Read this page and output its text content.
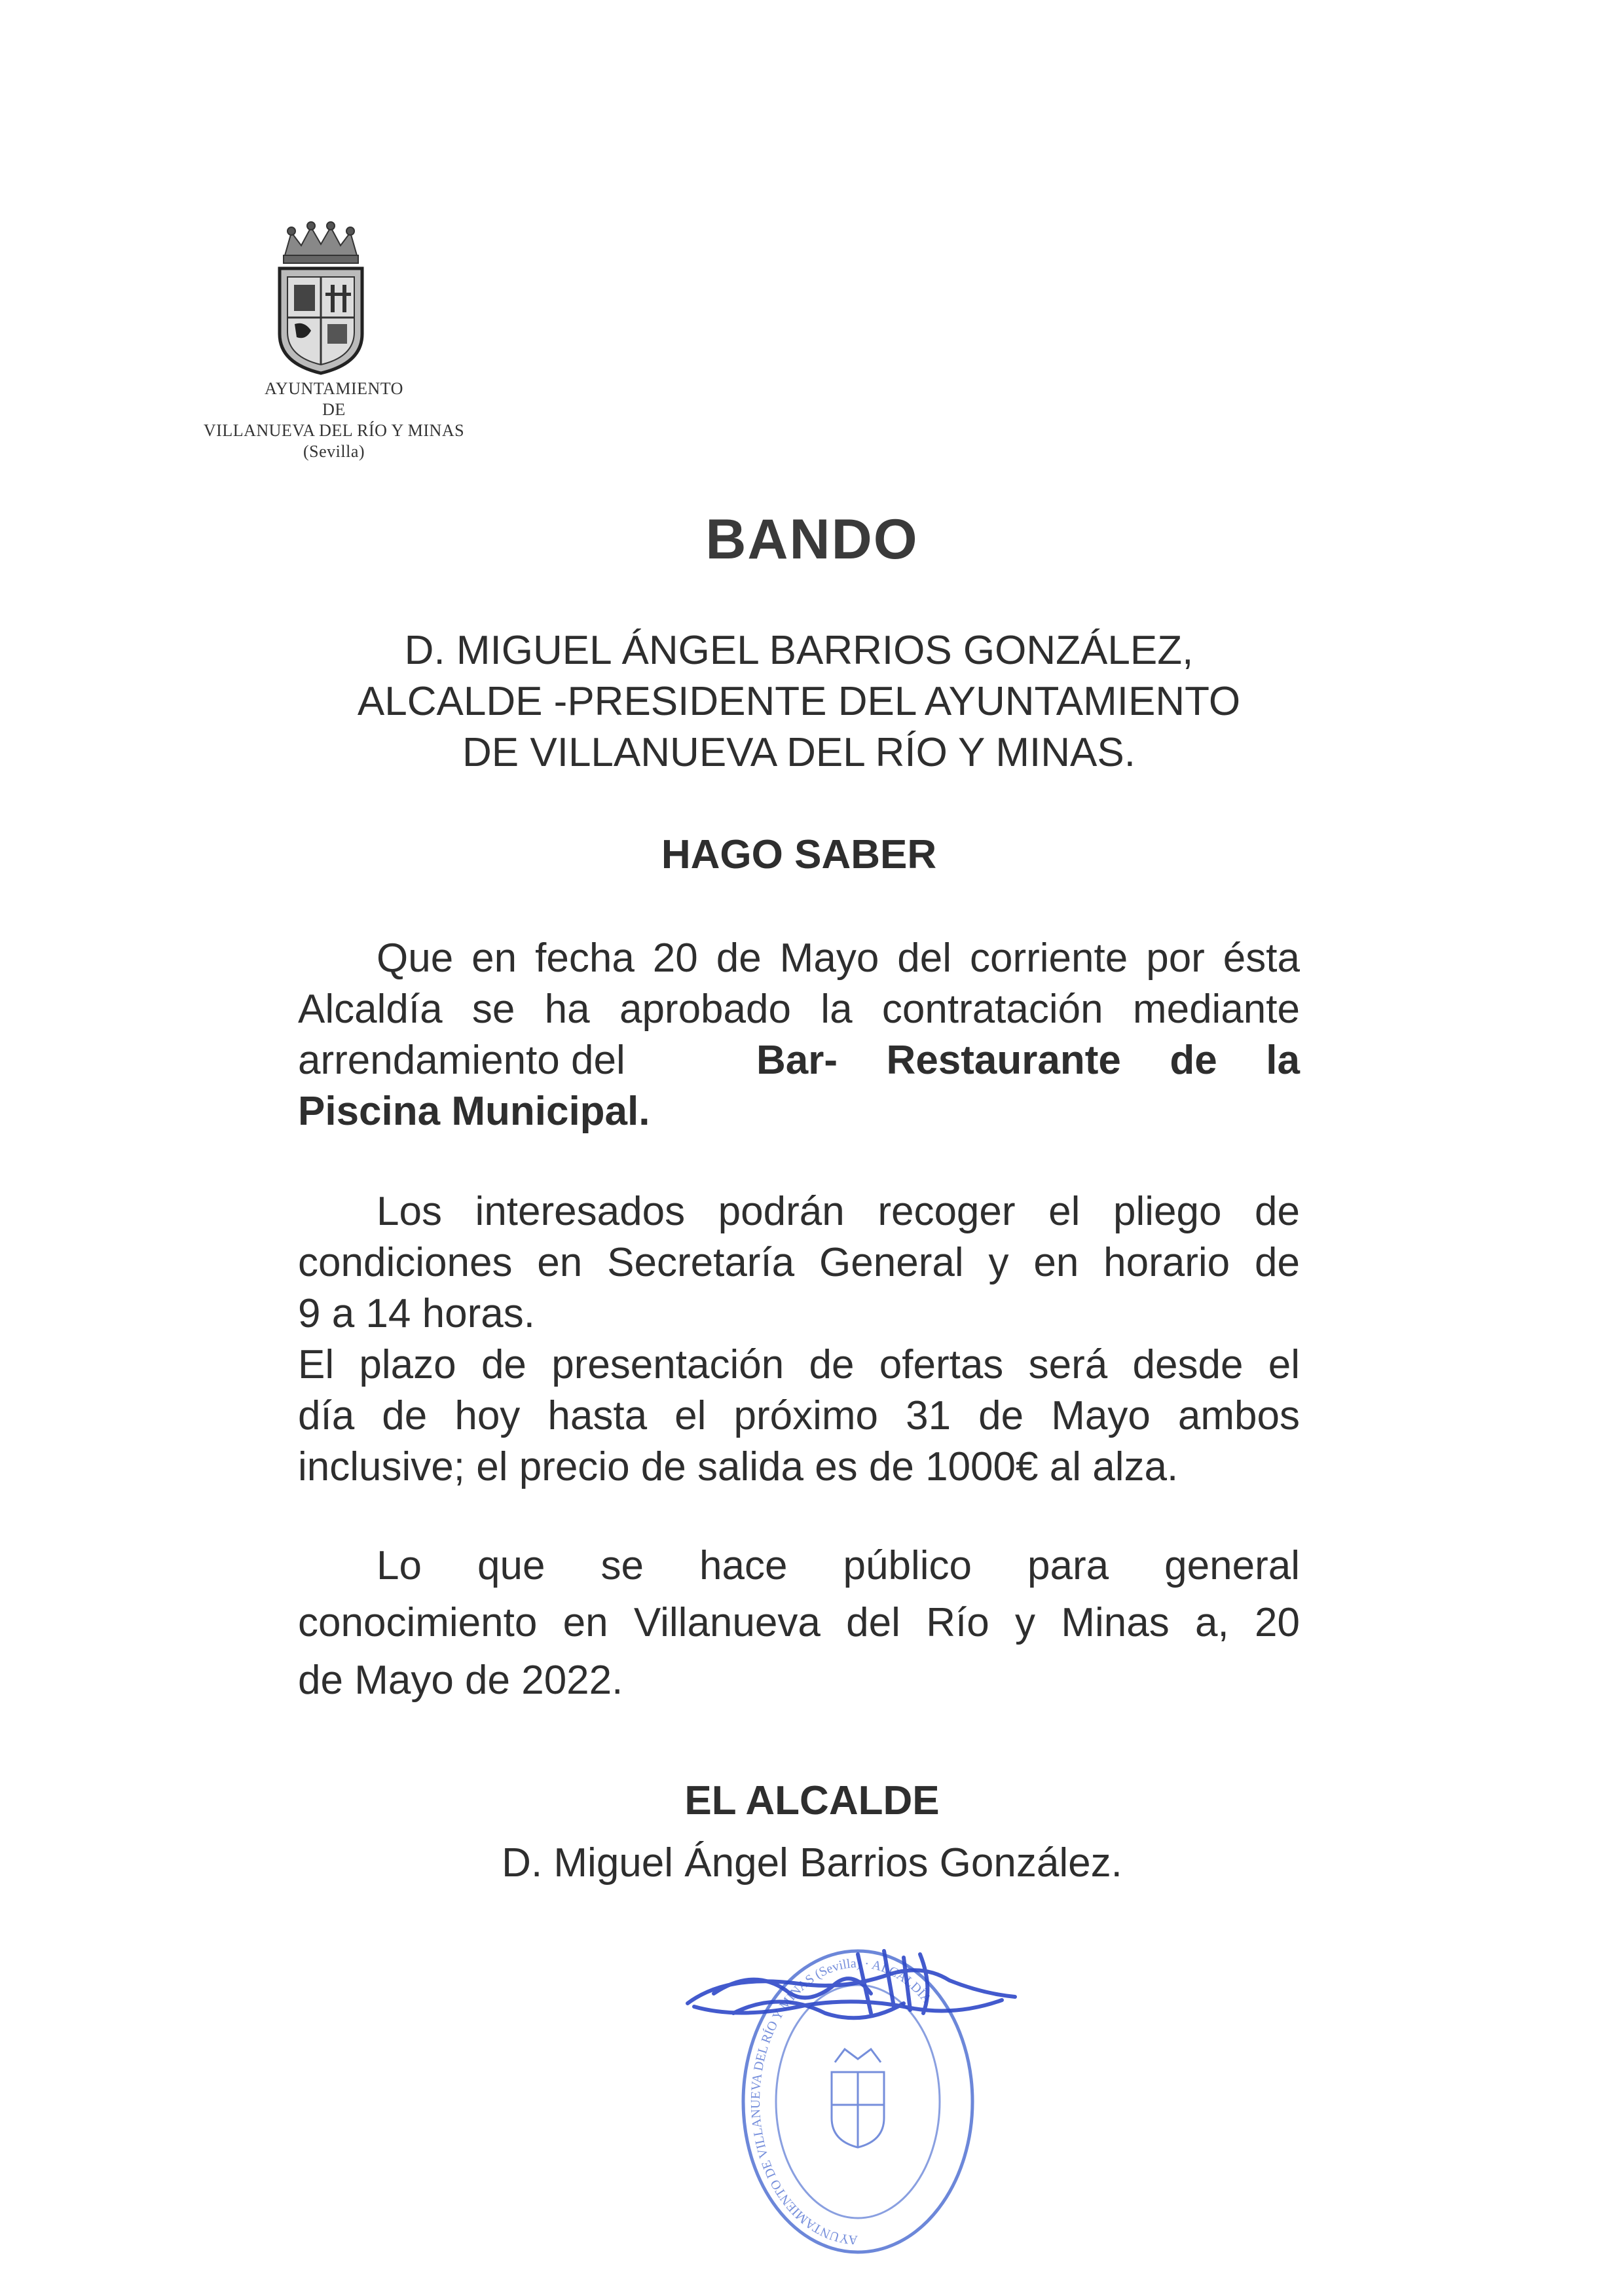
AYUNTAMIENTO
DE
VILLANUEVA DEL RÍO Y MINAS
(Sevilla)
BANDO
D. MIGUEL ÁNGEL BARRIOS GONZÁLEZ,
ALCALDE -PRESIDENTE DEL AYUNTAMIENTO
DE VILLANUEVA DEL RÍO Y MINAS.
HAGO SABER
Que en fecha 20 de Mayo del corriente por ésta
Alcaldía se ha aprobado la contratación mediante
arrendamiento del	Bar- Restaurante de la
Piscina Municipal.
Los interesados podrán recoger el pliego de
condiciones en Secretaría General y en horario de
9 a 14 horas.
El plazo de presentación de ofertas será desde el
día de hoy hasta el próximo 31 de Mayo ambos
inclusive; el precio de salida es de 1000€ al alza.
Lo que se hace público para general
conocimiento en Villanueva del Río y Minas a, 20
de Mayo de 2022.
EL ALCALDE
D. Miguel Ángel Barrios González.
AYUNTAMIENTO DE VILLANUEVA DEL RÍO Y MINAS (Sevilla) · ALCALDÍA
